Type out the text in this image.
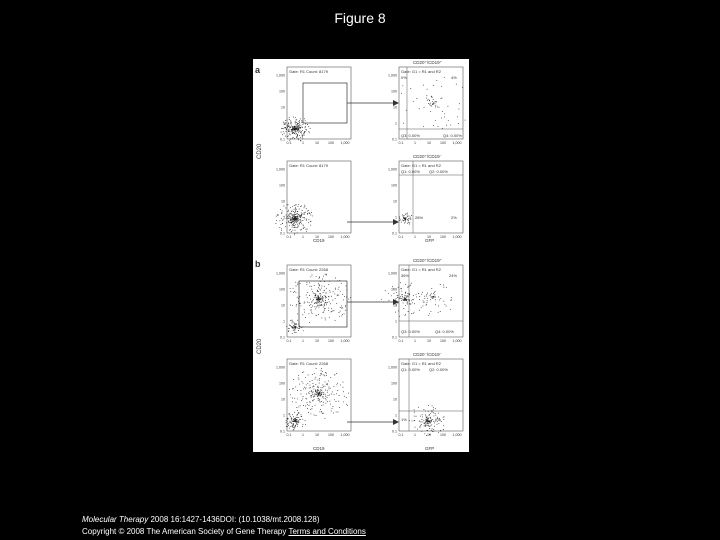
Figure 8
a
b
CD20
CD20
Gate: R1 Count: 8179
CD20⁺/CD19⁺
Gate: G1 = R1 and R2
0%	4%
Q3: 0.00%	Q4: 0.00%
Gate: R1 Count: 8179
CD20⁺/CD19⁻
Gate: G1 = R1 and R2
Q1: 0.00% Q2: 0.00%
28%	2%
CD19	GFP
Gate: R1 Count: 2268
CD20⁺/CD19⁺
Gate: G1 = R1 and R2
36%	24%
Q3: 0.00%	Q4: 0.00%
Gate: R1 Count: 2268
CD20⁻/CD19⁻
Gate: G1 = R1 and R2
Q1: 0.00% Q2: 0.00%
1%	0%
CD19	GFP
0.1
0.1
1
1
10
10
100
100
1,000
1,000
0.1
0.1
1
1
10
10
100
100
1,000
1,000
0.1
0.1
1
1
10
10
100
100
1,000
1,000
0.1
0.1
1
1
10
10
100
100
1,000
1,000
0.1
0.1
1
1
10
10
100
100
1,000
1,000
0.1
0.1
1
1
10
10
100
100
1,000
1,000
0.1
0.1
1
1
10
10
100
100
1,000
1,000
0.1
0.1
1
1
10
10
100
100
1,000
1,000
Molecular Therapy 2008 16:1427-1436DOI: (10.1038/mt.2008.128)
Copyright © 2008 The American Society of Gene Therapy Terms and Conditions
